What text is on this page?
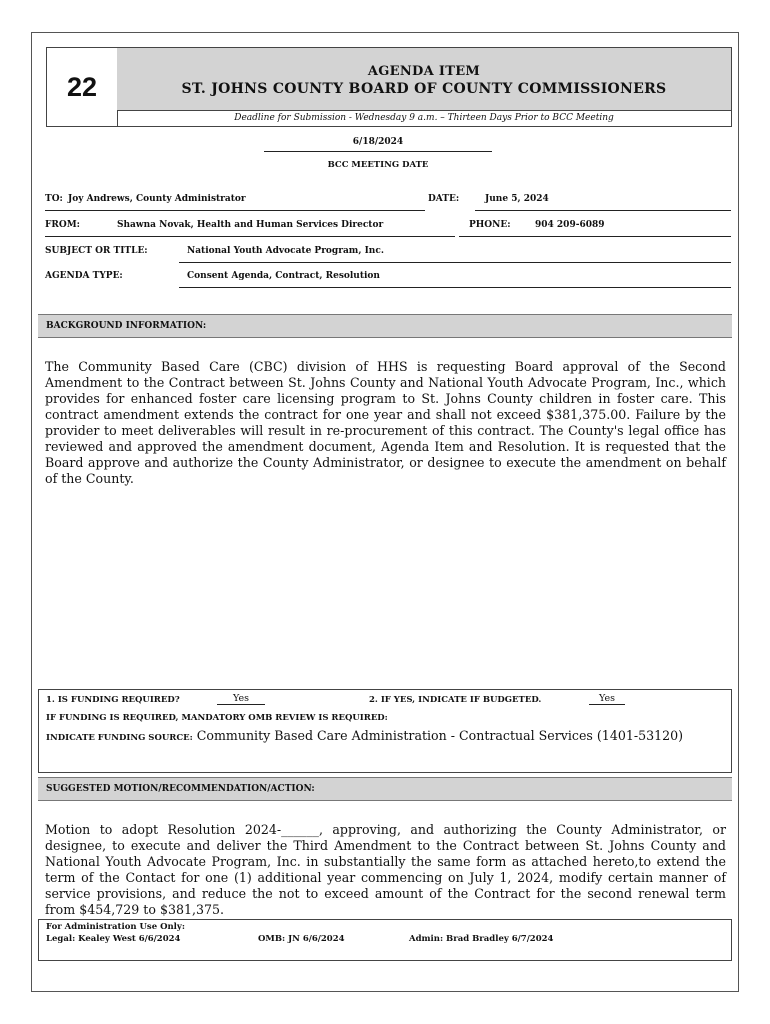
22	AGENDA ITEM
ST. JOHNS COUNTY BOARD OF COUNTY COMMISSIONERS
Deadline for Submission - Wednesday 9 a.m. – Thirteen Days Prior to BCC Meeting
6/18/2024
BCC MEETING DATE
TO: Joy Andrews, County Administrator	DATE:	June 5, 2024
FROM:	Shawna Novak, Health and Human Services Director	PHONE:	904 209-6089
SUBJECT OR TITLE:	National Youth Advocate Program, Inc.
AGENDA TYPE:	Consent Agenda, Contract, Resolution
BACKGROUND INFORMATION:
The Community Based Care (CBC) division of HHS is requesting Board approval of the Second Amendment to the Contract between St. Johns County and National Youth Advocate Program, Inc., which provides for enhanced foster care licensing program to St. Johns County children in foster care. This contract amendment extends the contract for one year and shall not exceed $381,375.00. Failure by the provider to meet deliverables will result in re-procurement of this contract. The County's legal office has reviewed and approved the amendment document, Agenda Item and Resolution. It is requested that the Board approve and authorize the County Administrator, or designee to execute the amendment on behalf of the County.
1. IS FUNDING REQUIRED?	Yes	2. IF YES, INDICATE IF BUDGETED.	Yes
IF FUNDING IS REQUIRED, MANDATORY OMB REVIEW IS REQUIRED:
INDICATE FUNDING SOURCE: Community Based Care Administration - Contractual Services (1401-53120)
SUGGESTED MOTION/RECOMMENDATION/ACTION:
Motion to adopt Resolution 2024-______, approving, and authorizing the County Administrator, or designee, to execute and deliver the Third Amendment to the Contract between St. Johns County and National Youth Advocate Program, Inc. in substantially the same form as attached hereto,to extend the term of the Contact for one (1) additional year commencing on July 1, 2024, modify certain manner of service provisions, and reduce the not to exceed amount of the Contract for the second renewal term from $454,729 to $381,375.
For Administration Use Only:
Legal: Kealey West 6/6/2024	OMB: JN 6/6/2024	Admin: Brad Bradley 6/7/2024
